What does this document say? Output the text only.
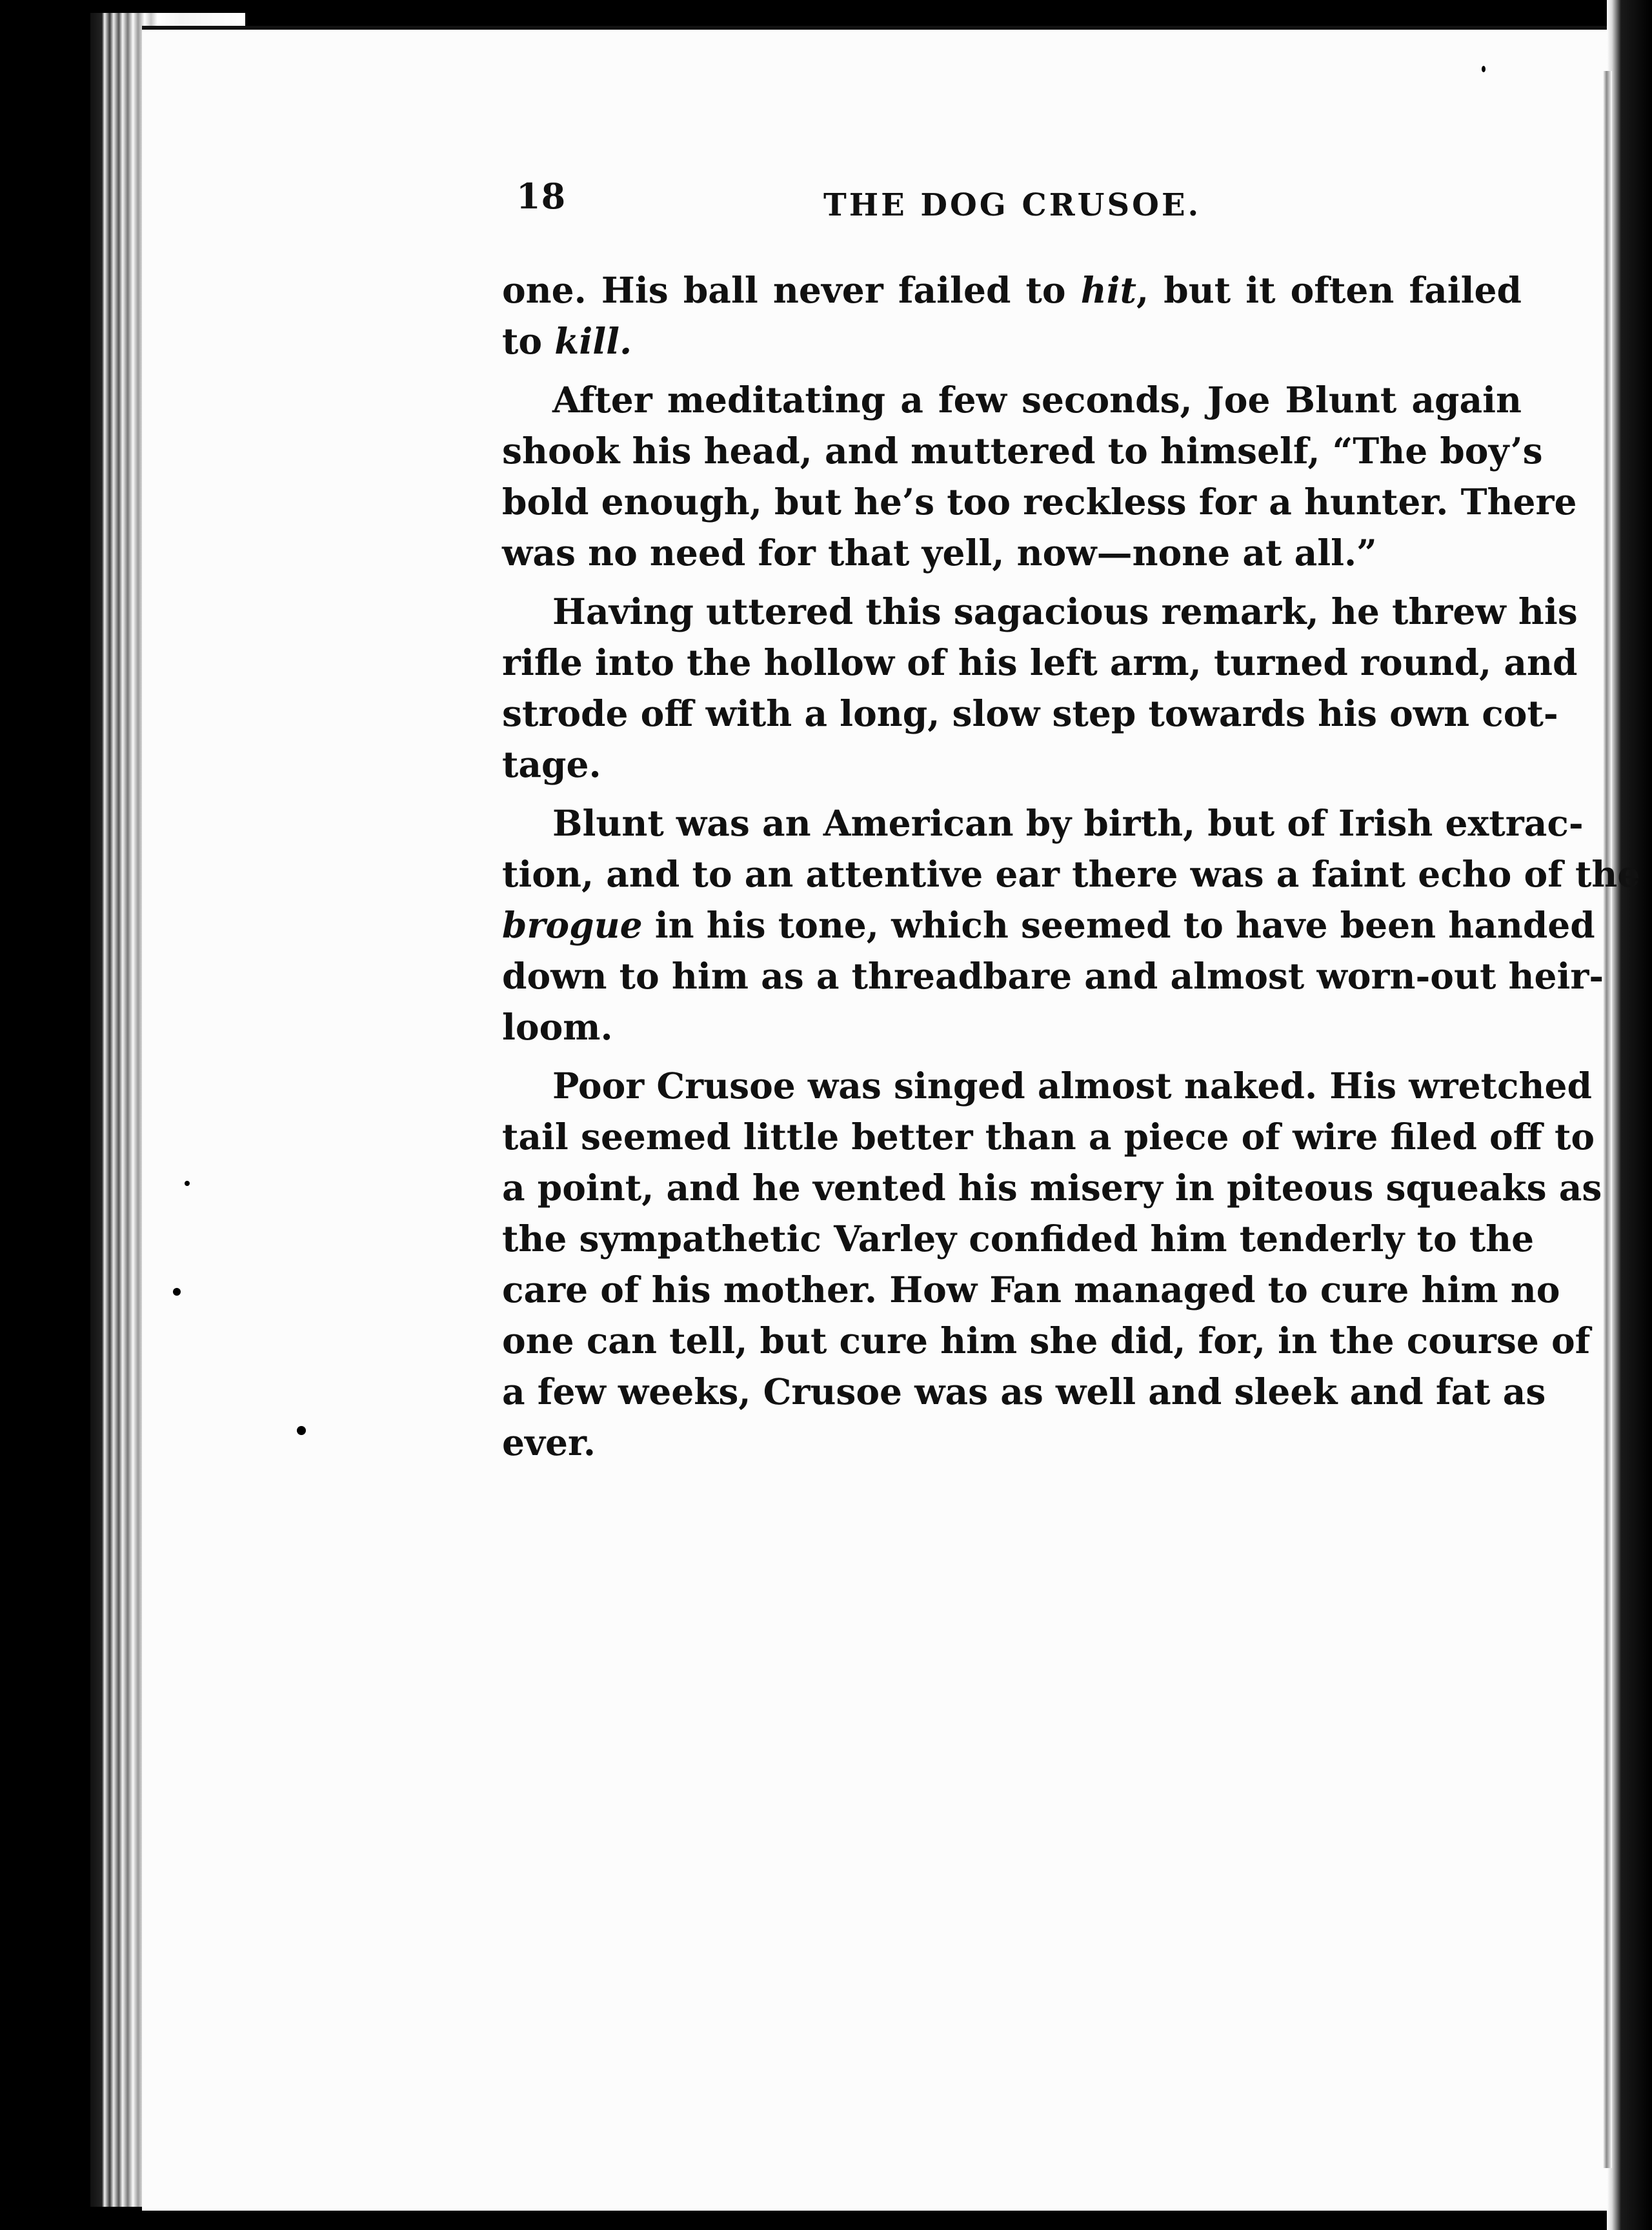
18	THE DOG CRUSOE.
one. His ball never failed to hit, but it often failed
to kill.
After meditating a few seconds, Joe Blunt again
shook his head, and muttered to himself, “The boy’s
bold enough, but he’s too reckless for a hunter. There
was no need for that yell, now—none at all.”
Having uttered this sagacious remark, he threw his
rifle into the hollow of his left arm, turned round, and
strode off with a long, slow step towards his own cot-
tage.
Blunt was an American by birth, but of Irish extrac-
tion, and to an attentive ear there was a faint echo of the
brogue in his tone, which seemed to have been handed
down to him as a threadbare and almost worn-out heir-
loom.
Poor Crusoe was singed almost naked. His wretched
tail seemed little better than a piece of wire filed off to
a point, and he vented his misery in piteous squeaks as
the sympathetic Varley confided him tenderly to the
care of his mother. How Fan managed to cure him no
one can tell, but cure him she did, for, in the course of
a few weeks, Crusoe was as well and sleek and fat as
ever.
